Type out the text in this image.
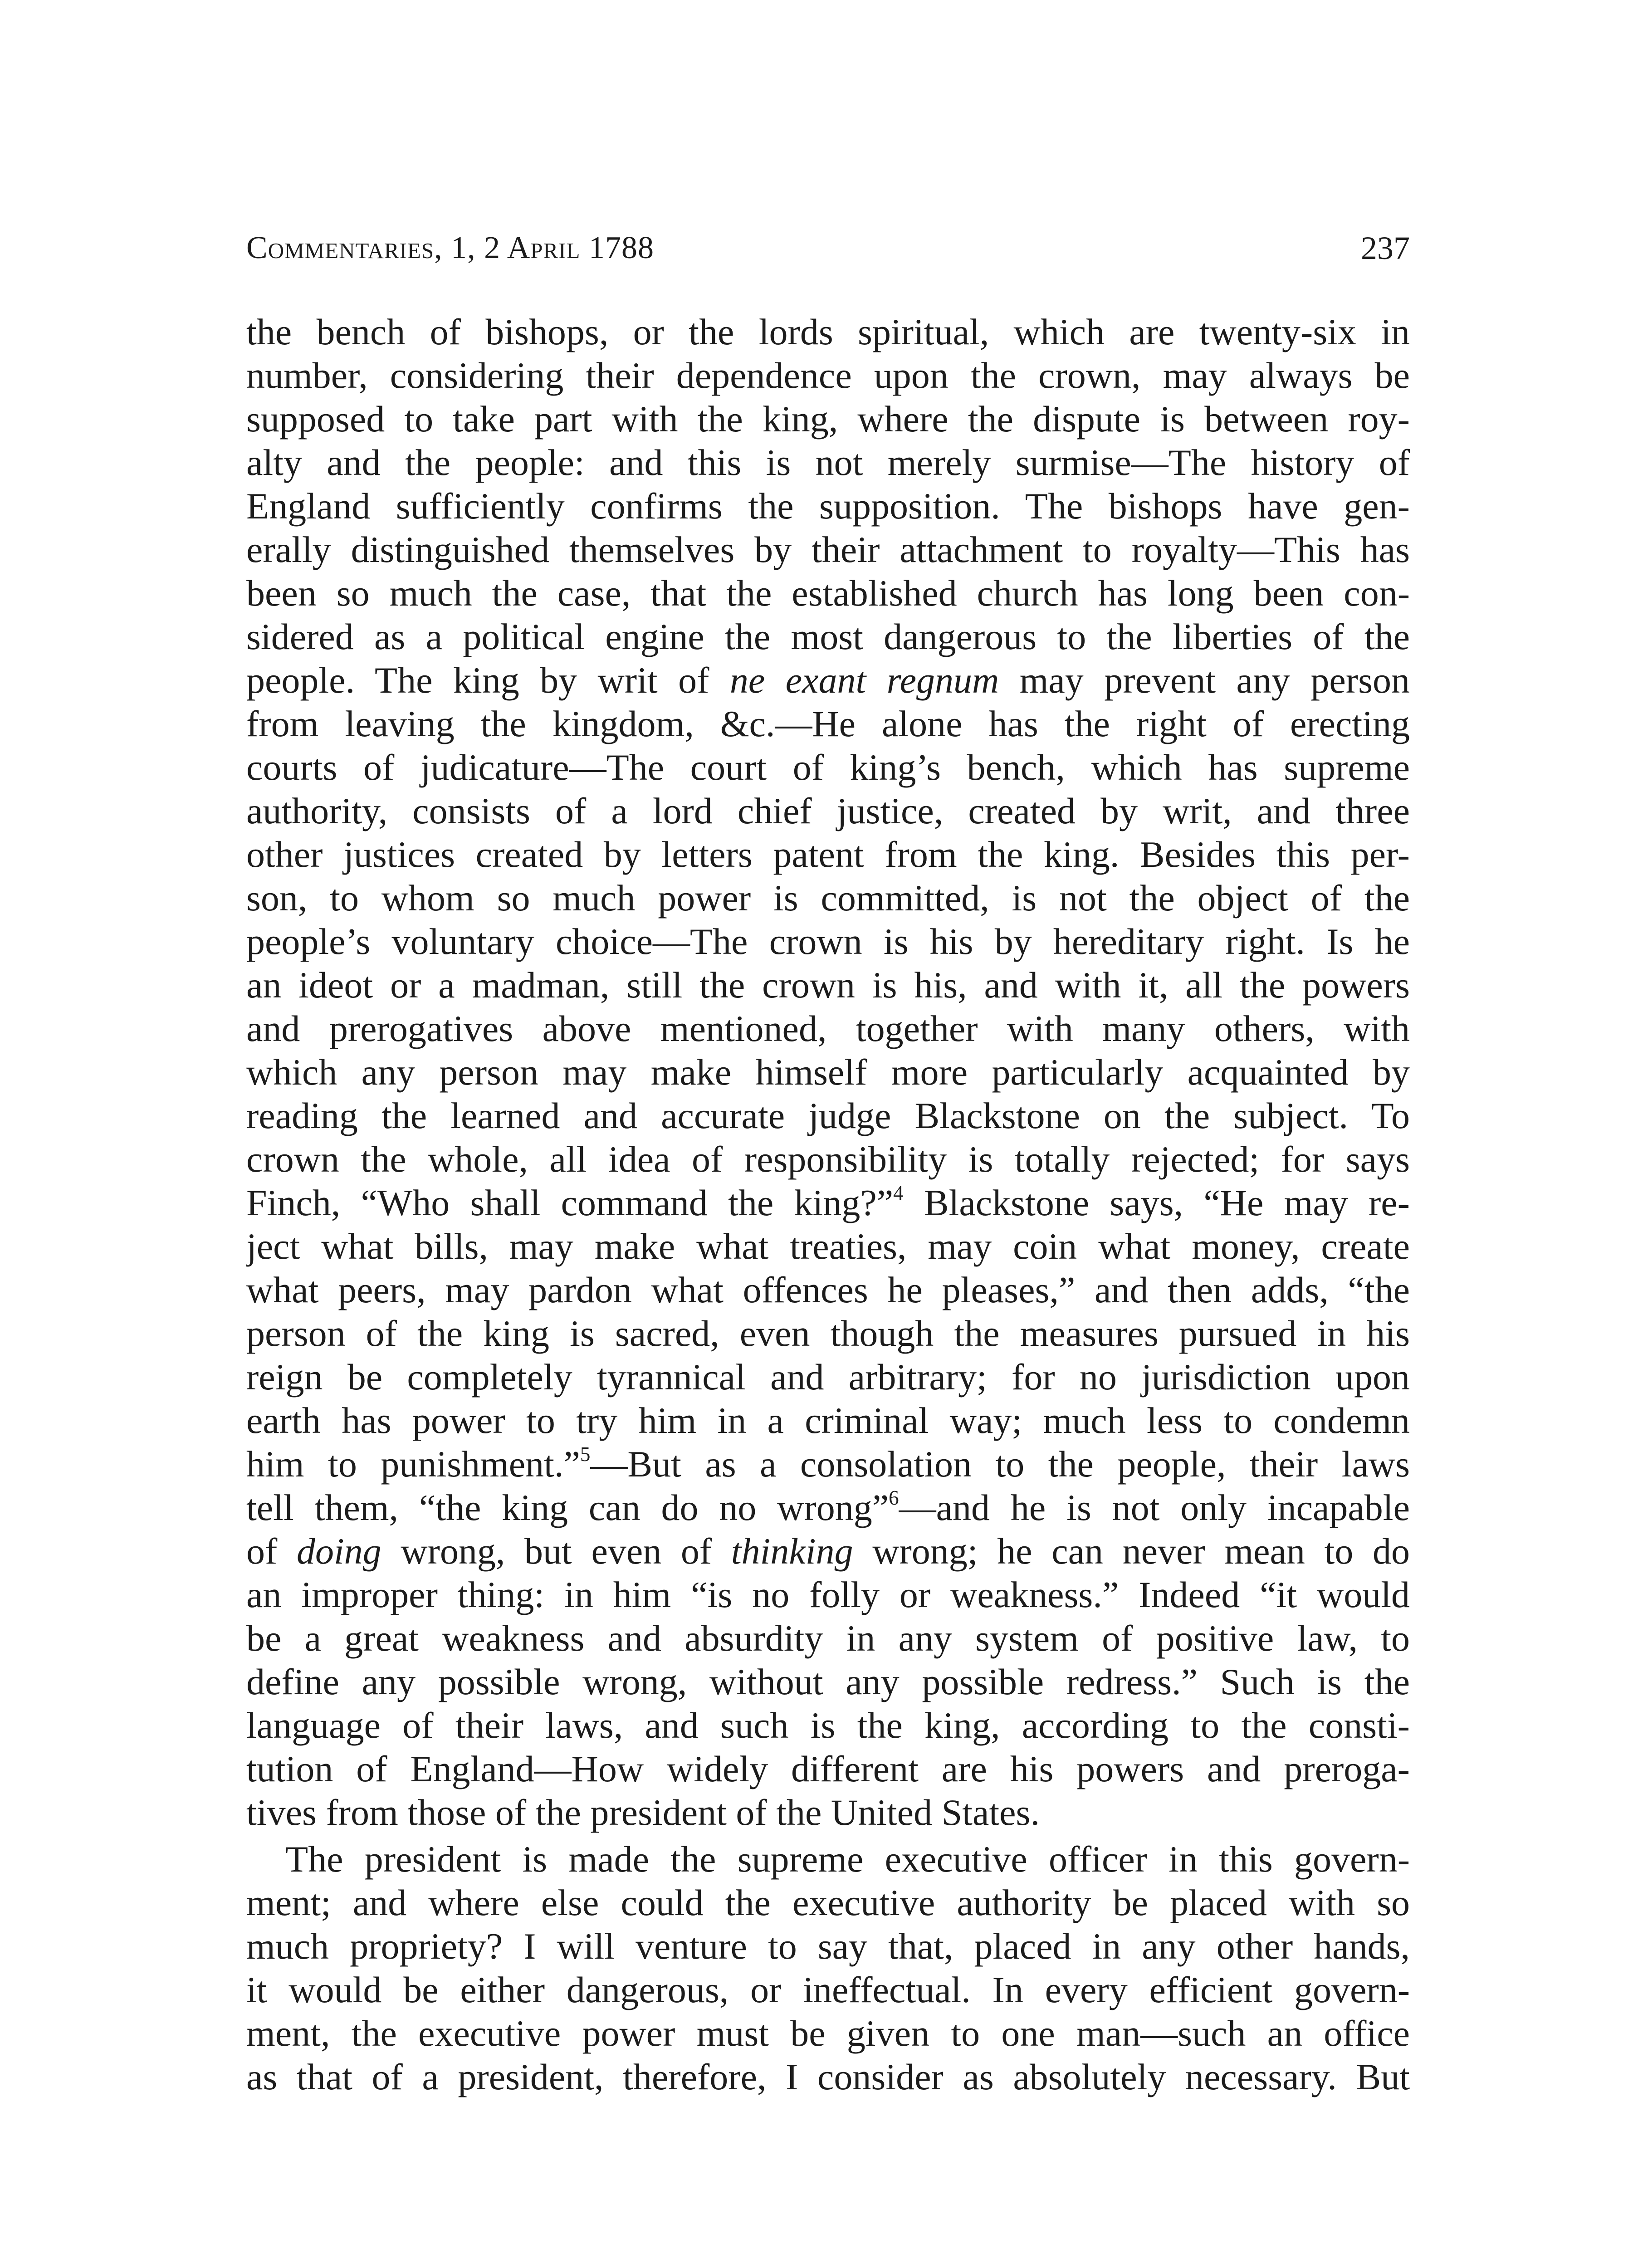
Commentaries, 1, 2 April 1788	237
the bench of bishops, or the lords spiritual, which are twenty-six in
number, considering their dependence upon the crown, may always be
supposed to take part with the king, where the dispute is between roy-
alty and the people: and this is not merely surmise—The history of
England sufficiently confirms the supposition. The bishops have gen-
erally distinguished themselves by their attachment to royalty—This has
been so much the case, that the established church has long been con-
sidered as a political engine the most dangerous to the liberties of the
people. The king by writ of ne exant regnum may prevent any person
from leaving the kingdom, &c.—He alone has the right of erecting
courts of judicature—The court of king’s bench, which has supreme
authority, consists of a lord chief justice, created by writ, and three
other justices created by letters patent from the king. Besides this per-
son, to whom so much power is committed, is not the object of the
people’s voluntary choice—The crown is his by hereditary right. Is he
an ideot or a madman, still the crown is his, and with it, all the powers
and prerogatives above mentioned, together with many others, with
which any person may make himself more particularly acquainted by
reading the learned and accurate judge Blackstone on the subject. To
crown the whole, all idea of responsibility is totally rejected; for says
Finch, “Who shall command the king?”$^4$ Blackstone says, “He may re-
ject what bills, may make what treaties, may coin what money, create
what peers, may pardon what offences he pleases,” and then adds, “the
person of the king is sacred, even though the measures pursued in his
reign be completely tyrannical and arbitrary; for no jurisdiction upon
earth has power to try him in a criminal way; much less to condemn
him to punishment.”$^5$—But as a consolation to the people, their laws
tell them, “the king can do no wrong”$^6$—and he is not only incapable
of doing wrong, but even of thinking wrong; he can never mean to do
an improper thing: in him “is no folly or weakness.” Indeed “it would
be a great weakness and absurdity in any system of positive law, to
define any possible wrong, without any possible redress.” Such is the
language of their laws, and such is the king, according to the consti-
tution of England—How widely different are his powers and preroga-
tives from those of the president of the United States.
The president is made the supreme executive officer in this govern-
ment; and where else could the executive authority be placed with so
much propriety? I will venture to say that, placed in any other hands,
it would be either dangerous, or ineffectual. In every efficient govern-
ment, the executive power must be given to one man—such an office
as that of a president, therefore, I consider as absolutely necessary. But
